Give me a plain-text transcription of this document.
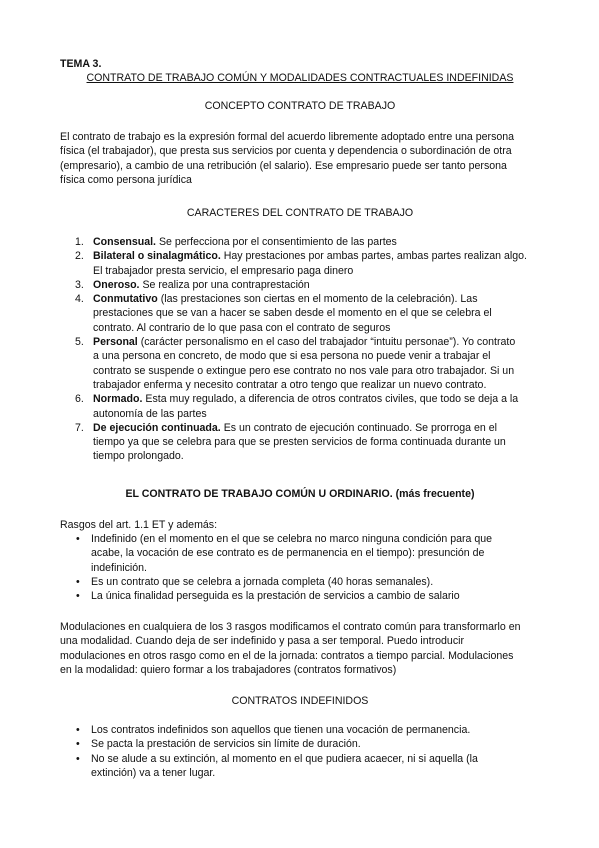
TEMA 3.
CONTRATO DE TRABAJO COMÚN Y MODALIDADES CONTRACTUALES INDEFINIDAS
CONCEPTO CONTRATO DE TRABAJO
El contrato de trabajo es la expresión formal del acuerdo libremente adoptado entre una persona
física (el trabajador), que presta sus servicios por cuenta y dependencia o subordinación de otra
(empresario), a cambio de una retribución (el salario). Ese empresario puede ser tanto persona
física como persona jurídica
CARACTERES DEL CONTRATO DE TRABAJO
1. Consensual. Se perfecciona por el consentimiento de las partes
2. Bilateral o sinalagmático. Hay prestaciones por ambas partes, ambas partes realizan algo.
El trabajador presta servicio, el empresario paga dinero
3. Oneroso. Se realiza por una contraprestación
4. Conmutativo (las prestaciones son ciertas en el momento de la celebración). Las
prestaciones que se van a hacer se saben desde el momento en el que se celebra el
contrato. Al contrario de lo que pasa con el contrato de seguros
5. Personal (carácter personalismo en el caso del trabajador “intuitu personae”). Yo contrato
a una persona en concreto, de modo que si esa persona no puede venir a trabajar el
contrato se suspende o extingue pero ese contrato no nos vale para otro trabajador. Si un
trabajador enferma y necesito contratar a otro tengo que realizar un nuevo contrato.
6. Normado. Esta muy regulado, a diferencia de otros contratos civiles, que todo se deja a la
autonomía de las partes
7. De ejecución continuada. Es un contrato de ejecución continuado. Se prorroga en el
tiempo ya que se celebra para que se presten servicios de forma continuada durante un
tiempo prolongado.
EL CONTRATO DE TRABAJO COMÚN U ORDINARIO. (más frecuente)
Rasgos del art. 1.1 ET y además:
• Indefinido (en el momento en el que se celebra no marco ninguna condición para que
acabe, la vocación de ese contrato es de permanencia en el tiempo): presunción de
indefinición.
• Es un contrato que se celebra a jornada completa (40 horas semanales).
• La única finalidad perseguida es la prestación de servicios a cambio de salario
Modulaciones en cualquiera de los 3 rasgos modificamos el contrato común para transformarlo en
una modalidad. Cuando deja de ser indefinido y pasa a ser temporal. Puedo introducir
modulaciones en otros rasgo como en el de la jornada: contratos a tiempo parcial. Modulaciones
en la modalidad: quiero formar a los trabajadores (contratos formativos)
CONTRATOS INDEFINIDOS
• Los contratos indefinidos son aquellos que tienen una vocación de permanencia.
• Se pacta la prestación de servicios sin límite de duración.
• No se alude a su extinción, al momento en el que pudiera acaecer, ni si aquella (la
extinción) va a tener lugar.
